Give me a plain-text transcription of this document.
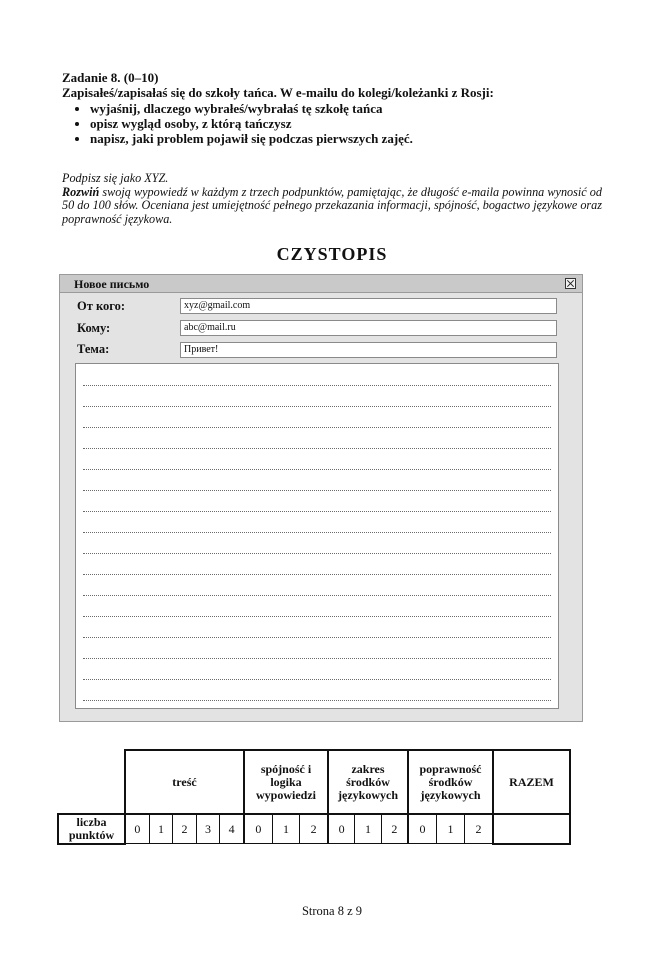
Zadanie 8. (0–10)
Zapisałeś/zapisałaś się do szkoły tańca. W e-mailu do kolegi/koleżanki z Rosji:
• wyjaśnij, dlaczego wybrałeś/wybrałaś tę szkołę tańca
• opisz wygląd osoby, z którą tańczysz
• napisz, jaki problem pojawił się podczas pierwszych zajęć.
Podpisz się jako XYZ.
Rozwiń swoją wypowiedź w każdym z trzech podpunktów, pamiętając, że długość e-maila powinna wynosić od 50 do 100 słów. Oceniana jest umiejętność pełnego przekazania informacji, spójność, bogactwo językowe oraz poprawność językowa.
CZYSTOPIS
Новое письмо
От кого:	xyz@gmail.com
Кому:	abc@mail.ru
Тема:	Привет!
	treść					spójność i logika wypowiedzi			zakres środków językowych			poprawność środków językowych			RAZEM
liczba punktów	0	1	2	3	4	0	1	2	0	1	2	0	1	2	
Strona 8 z 9
